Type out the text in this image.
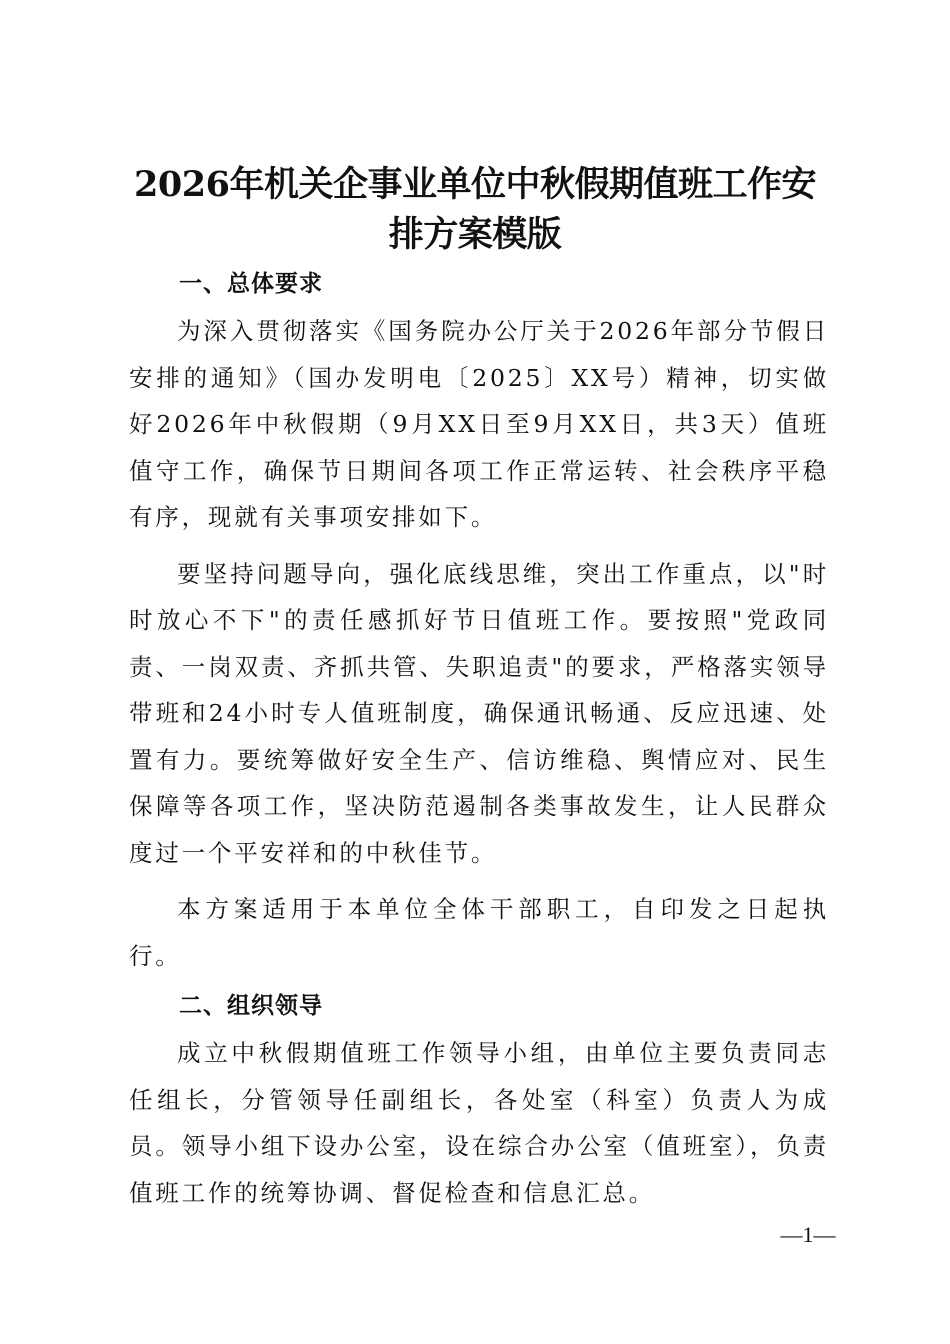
2026年机关企事业单位中秋假期值班工作安排方案模版
一、总体要求

为深入贯彻落实《国务院办公厅关于2026年部分节假日安排的通知》（国办发明电〔2025〕XX号）精神，切实做好2026年中秋假期（9月XX日至9月XX日，共3天）值班值守工作，确保节日期间各项工作正常运转、社会秩序平稳有序，现就有关事项安排如下。

要坚持问题导向，强化底线思维，突出工作重点，以"时时放心不下"的责任感抓好节日值班工作。要按照"党政同责、一岗双责、齐抓共管、失职追责"的要求，严格落实领导带班和24小时专人值班制度，确保通讯畅通、反应迅速、处置有力。要统筹做好安全生产、信访维稳、舆情应对、民生保障等各项工作，坚决防范遏制各类事故发生，让人民群众度过一个平安祥和的中秋佳节。

本方案适用于本单位全体干部职工，自印发之日起执行。

二、组织领导

成立中秋假期值班工作领导小组，由单位主要负责同志任组长，分管领导任副组长，各处室（科室）负责人为成员。领导小组下设办公室，设在综合办公室（值班室），负责值班工作的统筹协调、督促检查和信息汇总。

—1—
